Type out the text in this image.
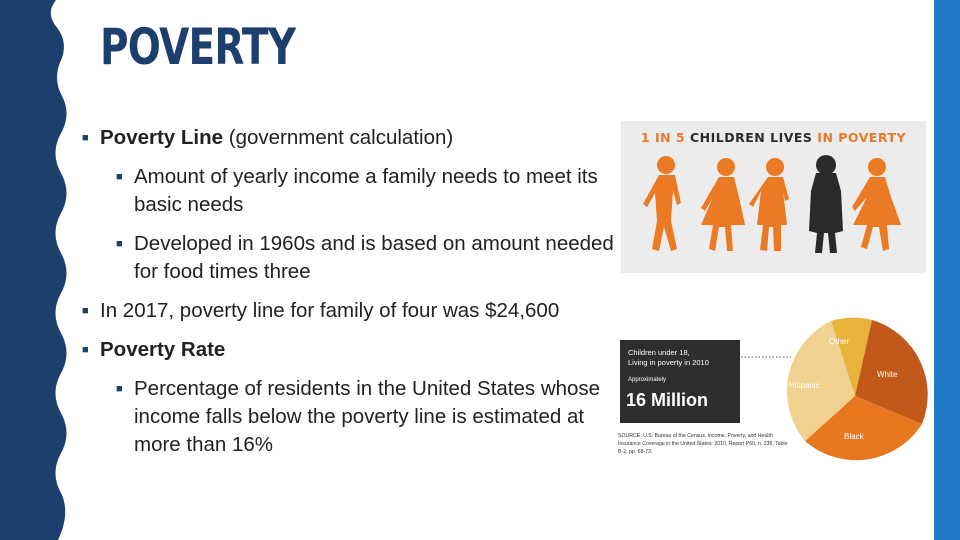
POVERTY
■ Poverty Line (government calculation)
■ Amount of yearly income a family needs to meet its basic needs
■ Developed in 1960s and is based on amount needed for food times three
■ In 2017, poverty line for family of four was $24,600
■ Poverty Rate
■ Percentage of residents in the United States whose income falls below the poverty line is estimated at more than 16%
1 IN 5 CHILDREN LIVES IN POVERTY
Other
White
Black
Hispanic
Children under 18,
Living in poverty in 2010
Approximately
16 Million
SOURCE: U.S. Bureau of the Census, Income, Poverty, and Health Insurance Coverage in the United States: 2010, Report P60, n. 238, Table B-2, pp. 68-73.
